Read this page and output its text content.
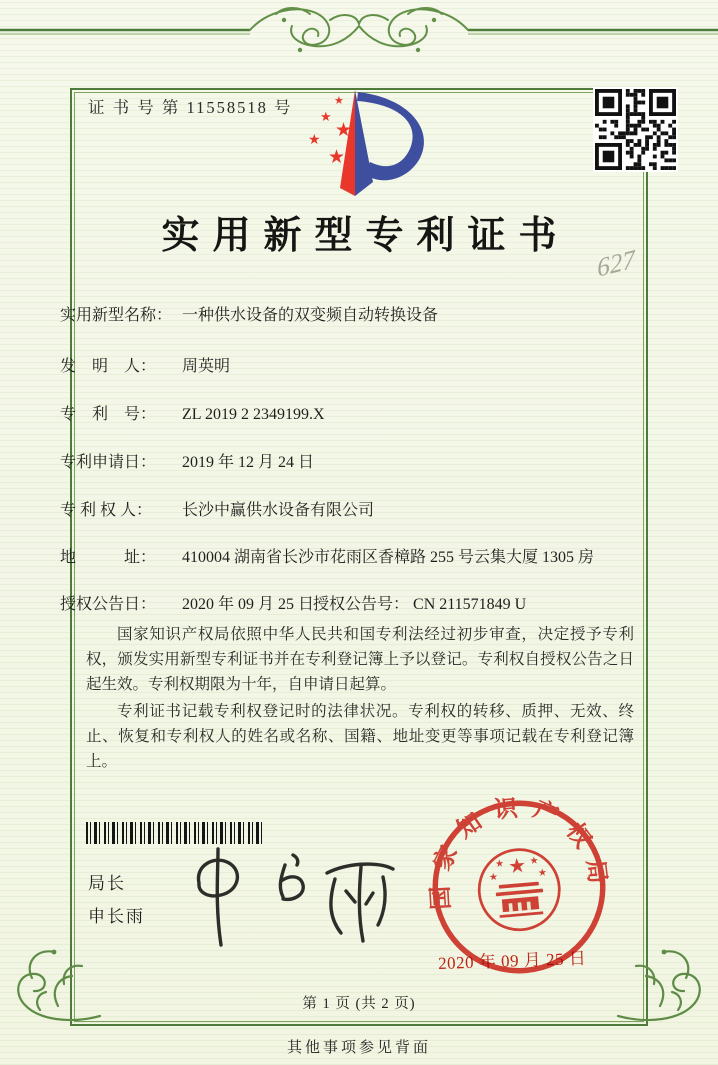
证 书 号 第 11558518 号	★
★
★
★
★
实用新型专利证书
627
实用新型名称： 一种供水设备的双变频自动转换设备
发　明　人： 周英明
专　利　号： ZL 2019 2 2349199.X
专利申请日： 2019 年 12 月 24 日
专 利 权 人： 长沙中赢供水设备有限公司
地　　　址： 410004 湖南省长沙市花雨区香樟路 255 号云集大厦 1305 房
授权公告日： 2020 年 09 月 25 日
授权公告号： CN 211571849 U

国家知识产权局依照中华人民共和国专利法经过初步审查，决定授予专利权，颁发实用新型专利证书并在专利登记簿上予以登记。专利权自授权公告之日起生效。专利权期限为十年，自申请日起算。

专利证书记载专利权登记时的法律状况。专利权的转移、质押、无效、终止、恢复和专利权人的姓名或名称、国籍、地址变更等事项记载在专利登记簿上。

局长
申长雨
国家知识产权局
★
★ ★
★	★
2020 年 09 月 25 日
第 1 页 (共 2 页)
其他事项参见背面
